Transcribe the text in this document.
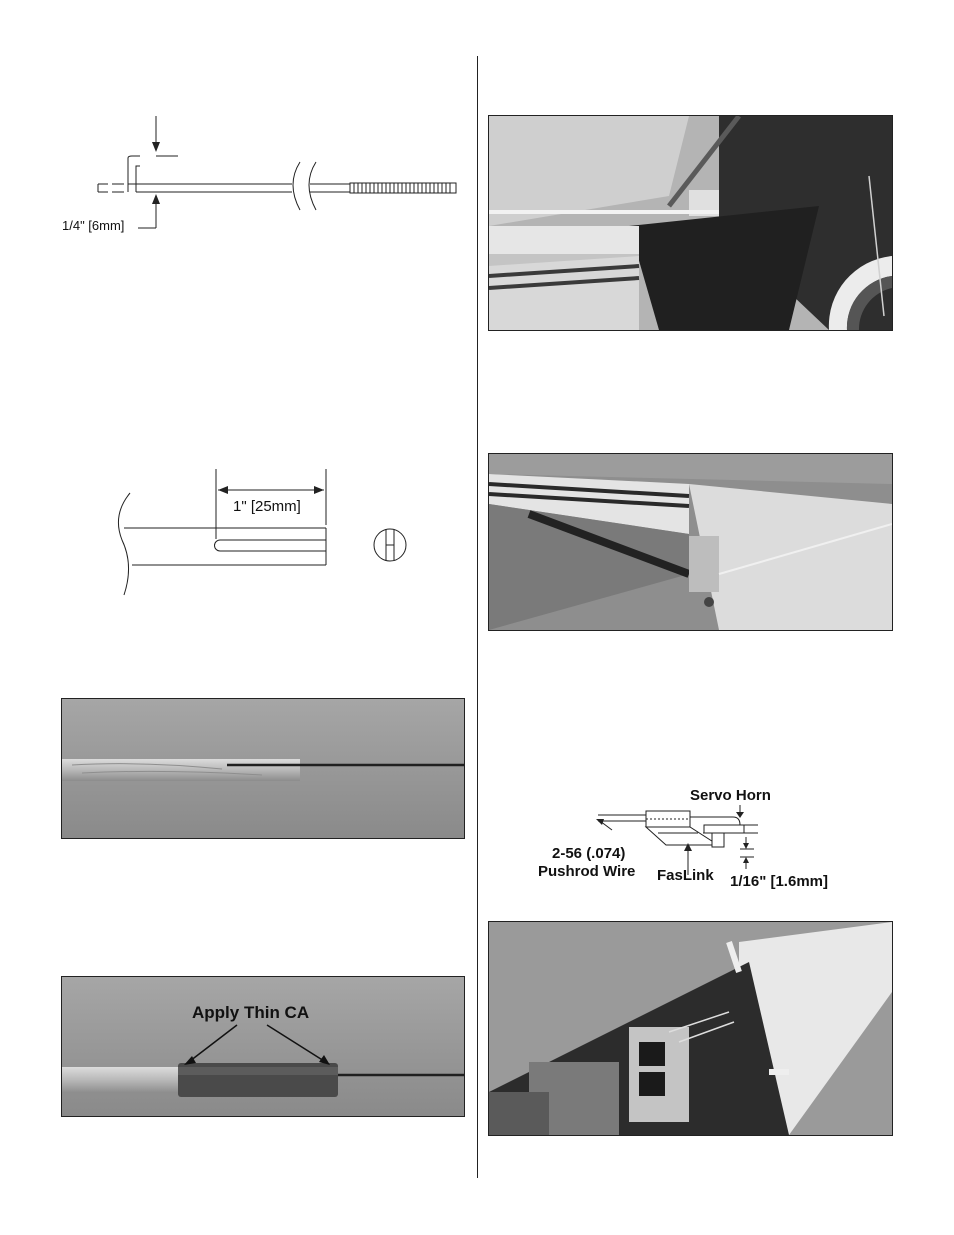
1/4" [6mm]
1" [25mm]
Apply Thin CA
Servo Horn
2-56 (.074)
Pushrod Wire FasLink 1/16" [1.6mm]
